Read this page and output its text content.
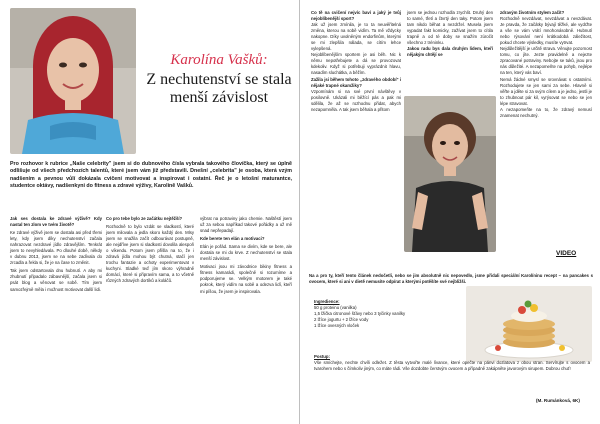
Karolína Vašků:
Z nechutenství se stala menší závislost
Pro rozhovor k rubrice „Naše celebrity" jsem si do dubnového čísla vybrala takového človíčka, který se úplně odlišuje od všech předchozích talentů, které jsem vám již představili. Dnešní „celebrita" je osoba, která vzým nadšením a pevnou vůlí dokázala cvičení motivovat a inspirovat i ostatní. Řeč je o letošní maturantce, studentce oktávy, nadšenkyni do fitness a zdravé výživy, Karolíně Vašků.

Jak ses dostala ke zdravé výživě? Kdy nastal ten zlom ve tvém životě?

Ke zdravé výživě jsem se dostala asi před třemi lety, kdy jsem díky nechutenství začala nahrazovat nezdravé jídlo zdravějším. Tenkrát jsem to nevyhledávala. Po dlouhé době, někdy v dubnu 2013, jsem se na sebe zadívala do zrcadla a řekla si, že je na čase to změnit.

Tak jsem odstartovala dnu hubnutí. A aby mi zhubnutí připadalo zábavnější, začala jsem si psát blog a věnovat se sobě. Tím jsem samozřejmě měla i možnost motivovat další lidi.

Co pro tebe bylo ze začátku nejtěžší?

Rozhodně to bylo vzdát se sladkostí, které jsem milovala a jedla skoro každý den. Mlsy jsem se snažila začít odbourávat postupně, ale nejdříve jsem si sladkosti dovolila alespoň o víkendu. Potom jsem přišla na to, že i zdravá jídla mohou být chutná, stačí jen trochu fantazie a ochoty experimentovat v kuchyni. Sladké teď jím skoro výhradně domácí, které si připravím sama, a to včetně různých zdravých dortíků a koláčů.

výbrat na potraviny jako chemie. Naštěstí jsem už za sebou napříkad takové pořádky a už mě snad nepřepadají.

Kde berete ten elán a motivaci?

Elán je pořád. Sama se divím, kde se bere, ale dostala se mi do krve. Z nechutenství se stala menší závislost.

Motivaci jsou mi závodnice bikiny fitness a fitness kamarádi, společně si rozumíme a podporujeme se. Velkým motorem je také pokrok, který vidím na sobě a odezva lidí, kteří mi píšou, že jsem je inspirovala.

Co tě na cvičení nejvíc baví a jaký je tvůj nejoblíbenější sport?

Jak už jsem zmínila, je to ta neuvěřitelná změna, kterou na sobě vidím. Ta mě vždycky nakopne. Díky uvolněným endorfinům, kterými se mi zlepšila nálada, se cítím lehce vylepšená.

Nejoblíbenějším sportem je asi běh. Nic k němu nepotřebujete a dá se provozovat kdekoliv. Když si potřebuji vyprázdnit hlavu, nasadím sluchátka, a běžím.

Zažila jsi během tohoto „zdravého období" i nějaké trapné okamžiky?

Vzpomínám si na své první návštěvy v posilovně. Ukázali mi běžící pás a pak mi sdělila, že až se rozhodnu přidat, abych nezapomněla. A tak jsem běhala a přitom

jsem se jednou rozhodla zrychlit. Druhý den to samé, třetí a čtvrtý den taky. Potom jsem tam nikdo běhat a nezdržel. Musela jsem vypadat fakt komicky, zažívat jsem to cítila trapně a od té doby se snažím zúročit všechno z tréninku.

Jakou radu bys dala druhým lidem, kteří nějakým chtějí se

zdravým životním stylem začít?

Rozhodně nevzdávat, nevzdávat a nevzdávat. Je pravda, že začátky bývají těžké, ale vydržte a vše se vám vrátí mnohonásobně. Hubnutí nebo rýsování není krátkodobá záležitost, pokud chcete výsledky, musíte vytrvat.

Nejdůležitější je určitě strava. Věnujte pozornost tomu, co jíte. Jezte pravidelně a nejezte zpracované potraviny. Nebojte se tuků, jsou pro nás důležité. A nezapomeňte na pohyb, nejlépe na ten, který vás baví.

Nemá žádné smysl se srovnávat s ostatními. Rozhodujete se jen sami za sebe. Hlavně si věřte a jděte si za svým cílem a je jedno, jestli je to zhubnout pár kil, vyrýsovat se nebo se jen lépe stravovat.

A nezapomeňte na to, že zdravý nemusí znamenat nechutný.

VIDEO
Na a pro ty, kteří tento článek nedočetli, nebo se jim absolutně nic nepovedlo, jsme přidali speciální Karolíninu recept – na pancakes s ovocem, které si ani v dietě nemusíte odpírat a kterými potěšíte své nejbližší.
Ingredience:
50 g proteinu (vanilka)
1,5 lžička citronové šťávy nebo 3 tyčinky vanilky
2 lžíce jogurtu + 2 lžíce vody
1 lžíce ovesných vloček
Postup:
Vše smíchejte, nechte chvíli odležet. Z těsta vytvořte malé lívance, které opečte na pánvi dozlatova z obou stran. Servírujte s ovocem a tvarohem nebo s čímkoliv jiným, co máte rádi. Vše dozdobte čerstvým ovocem a případně zakápněte javorovým sirupem. Dobrou chuť!
(M. Rumánková, 6K)
